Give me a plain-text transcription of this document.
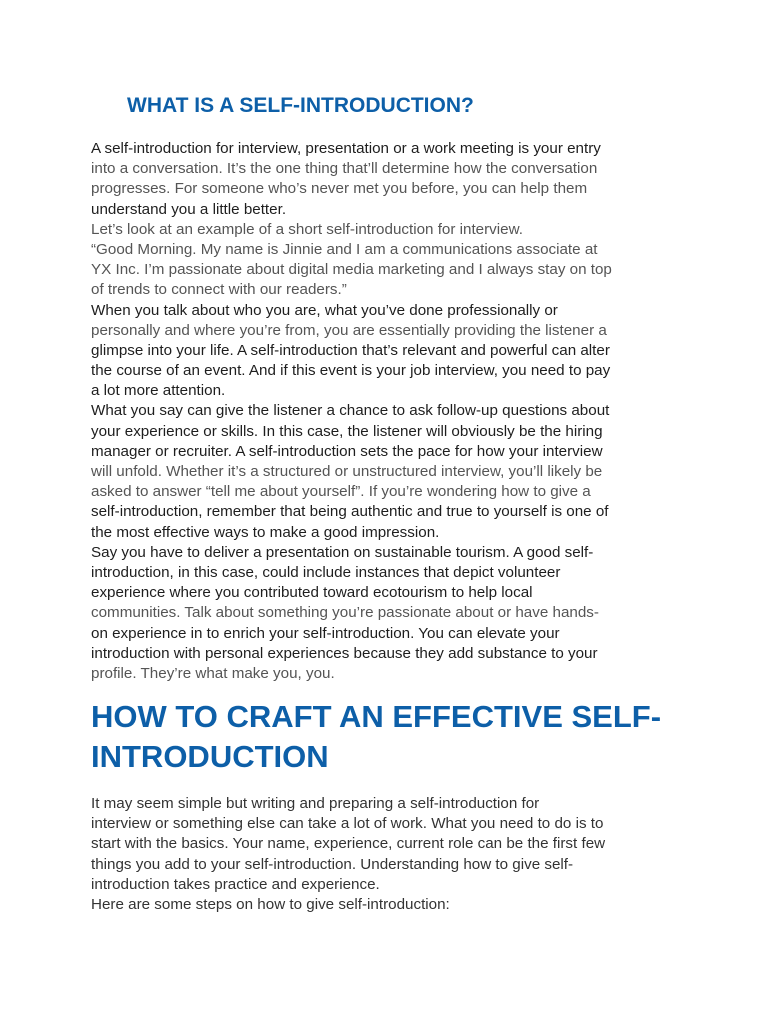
WHAT IS A SELF-INTRODUCTION?
A self-introduction for interview, presentation or a work meeting is your entry
into a conversation. It’s the one thing that’ll determine how the conversation
progresses. For someone who’s never met you before, you can help them
understand you a little better.
Let’s look at an example of a short self-introduction for interview.
“Good Morning. My name is Jinnie and I am a communications associate at
YX Inc. I’m passionate about digital media marketing and I always stay on top
of trends to connect with our readers.”
When you talk about who you are, what you’ve done professionally or
personally and where you’re from, you are essentially providing the listener a
glimpse into your life. A self-introduction that’s relevant and powerful can alter
the course of an event. And if this event is your job interview, you need to pay
a lot more attention.
What you say can give the listener a chance to ask follow-up questions about
your experience or skills. In this case, the listener will obviously be the hiring
manager or recruiter. A self-introduction sets the pace for how your interview
will unfold. Whether it’s a structured or unstructured interview, you’ll likely be
asked to answer “tell me about yourself”. If you’re wondering how to give a
self-introduction, remember that being authentic and true to yourself is one of
the most effective ways to make a good impression.
Say you have to deliver a presentation on sustainable tourism. A good self-
introduction, in this case, could include instances that depict volunteer
experience where you contributed toward ecotourism to help local
communities. Talk about something you’re passionate about or have hands-
on experience in to enrich your self-introduction. You can elevate your
introduction with personal experiences because they add substance to your
profile. They’re what make you, you.
HOW TO CRAFT AN EFFECTIVE SELF-
INTRODUCTION
It may seem simple but writing and preparing a self-introduction for
interview or something else can take a lot of work. What you need to do is to
start with the basics. Your name, experience, current role can be the first few
things you add to your self-introduction. Understanding how to give self-
introduction takes practice and experience.
Here are some steps on how to give self-introduction:
